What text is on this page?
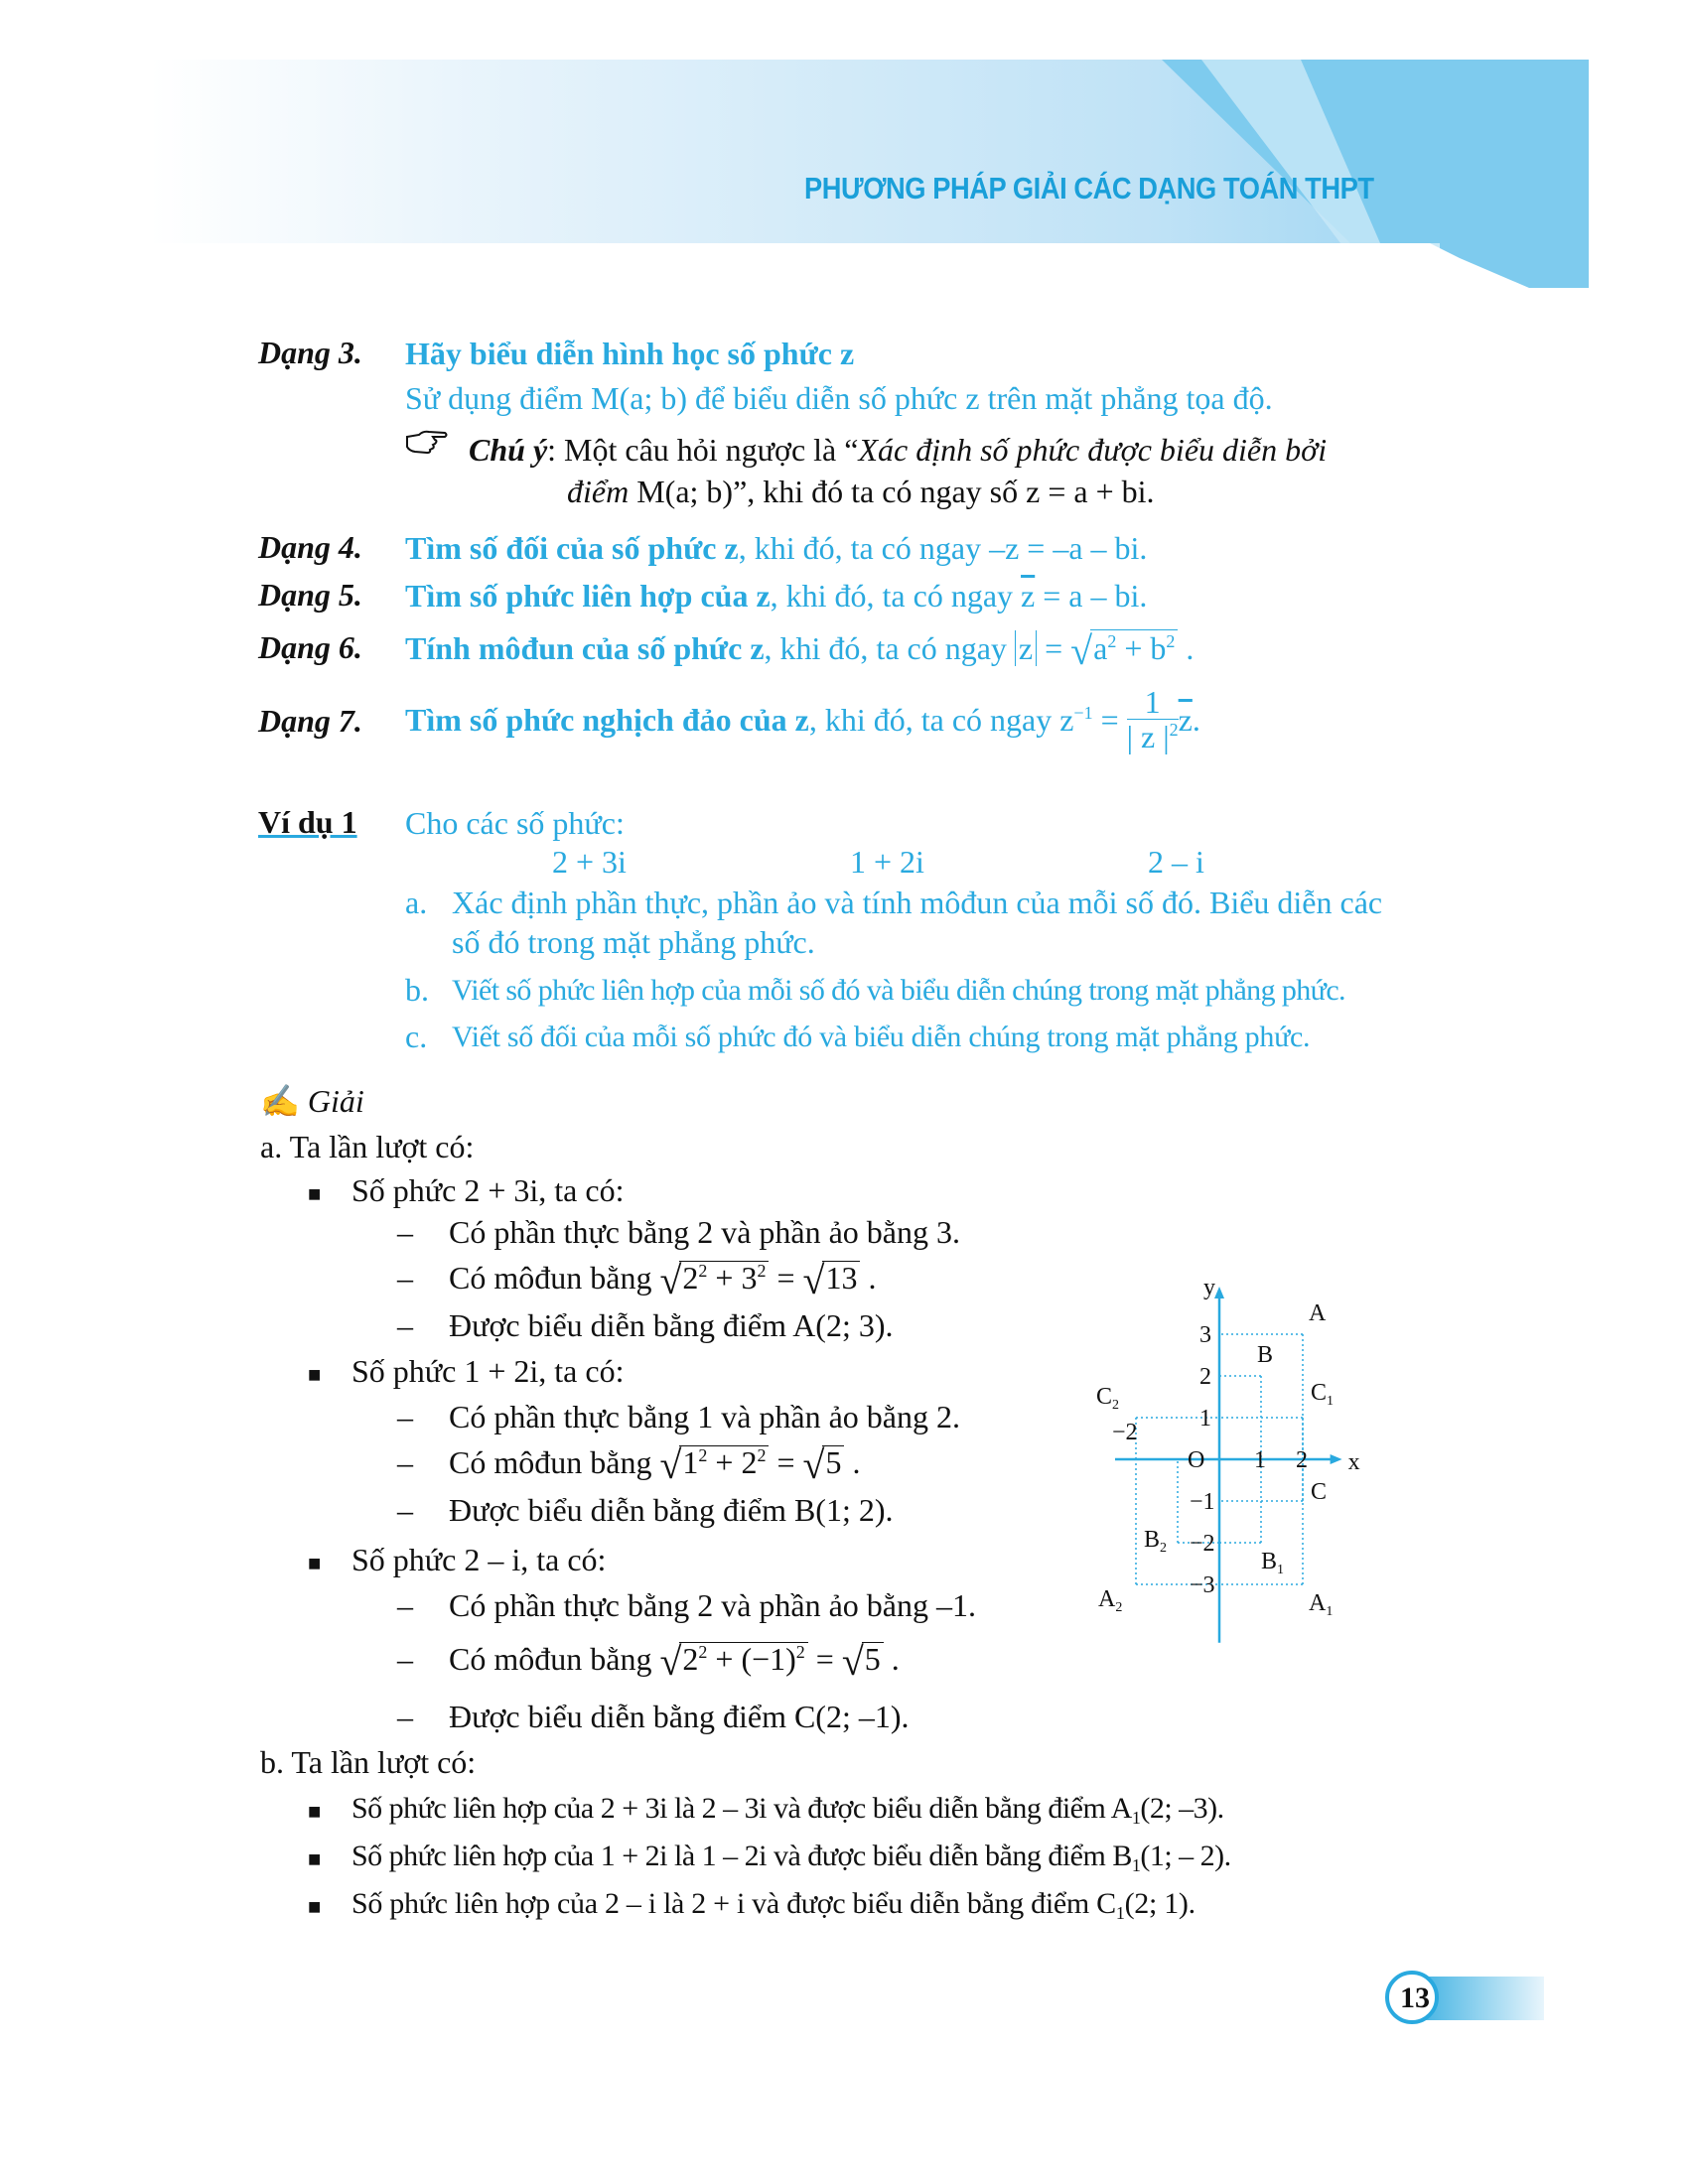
PHƯƠNG PHÁP GIẢI CÁC DẠNG TOÁN THPT
Dạng 3. Hãy biểu diễn hình học số phức z
Sử dụng điểm M(a; b) để biểu diễn số phức z trên mặt phẳng tọa độ.
Chú ý: Một câu hỏi ngược là “Xác định số phức được biểu diễn bởi
điểm M(a; b)”, khi đó ta có ngay số z = a + bi.
Dạng 4. Tìm số đối của số phức z, khi đó, ta có ngay –z = –a – bi.
Dạng 5. Tìm số phức liên hợp của z, khi đó, ta có ngay $\overline{z} = a$ – bi.
Dạng 6. Tính môđun của số phức z, khi đó, ta có ngay $z = √a^2 + b^2$ .
Dạng 7. Tìm số phức nghịch đảo của z, khi đó, ta có ngay $z^{-1} = \frac{1}{| z |^2} \overline{z}$.
Ví dụ 1 Cho các số phức:
2 + 3i	1 + 2i	2 – i
a. Xác định phần thực, phần ảo và tính môđun của mỗi số đó. Biểu diễn các
số đó trong mặt phẳng phức.
b. Viết số phức liên hợp của mỗi số đó và biểu diễn chúng trong mặt phẳng phức.
c. Viết số đối của mỗi số phức đó và biểu diễn chúng trong mặt phẳng phức.
✍ Giải
a. Ta lần lượt có:
■ Số phức 2 + 3i, ta có:
– Có phần thực bằng 2 và phần ảo bằng 3.
– Có môđun bằng $√2^2 + 3^2 = √13$ .
– Được biểu diễn bằng điểm A(2; 3).
■ Số phức 1 + 2i, ta có:
– Có phần thực bằng 1 và phần ảo bằng 2.
– Có môđun bằng $√1^2 + 2^2 = √5$ .
– Được biểu diễn bằng điểm B(1; 2).
■ Số phức 2 – i, ta có:
– Có phần thực bằng 2 và phần ảo bằng –1.
– Có môđun bằng $√2^2 + (-1)^2 = √5$ .
– Được biểu diễn bằng điểm C(2; –1).
b. Ta lần lượt có:
■ Số phức liên hợp của 2 + 3i là 2 – 3i và được biểu diễn bằng điểm $A_1(2$; –3).
■ Số phức liên hợp của 1 + 2i là 1 – 2i và được biểu diễn bằng điểm $B_1(1$; – 2).
■ Số phức liên hợp của 2 – i là 2 + i và được biểu diễn bằng điểm $C_1(2$; 1).
x
y
O
−2
1 2
3
2
1
−1
−2
−3
A
B
C
$A_1$
$B_1$
$C_1$
$A_2$
$B_2$
$C_2$
13
